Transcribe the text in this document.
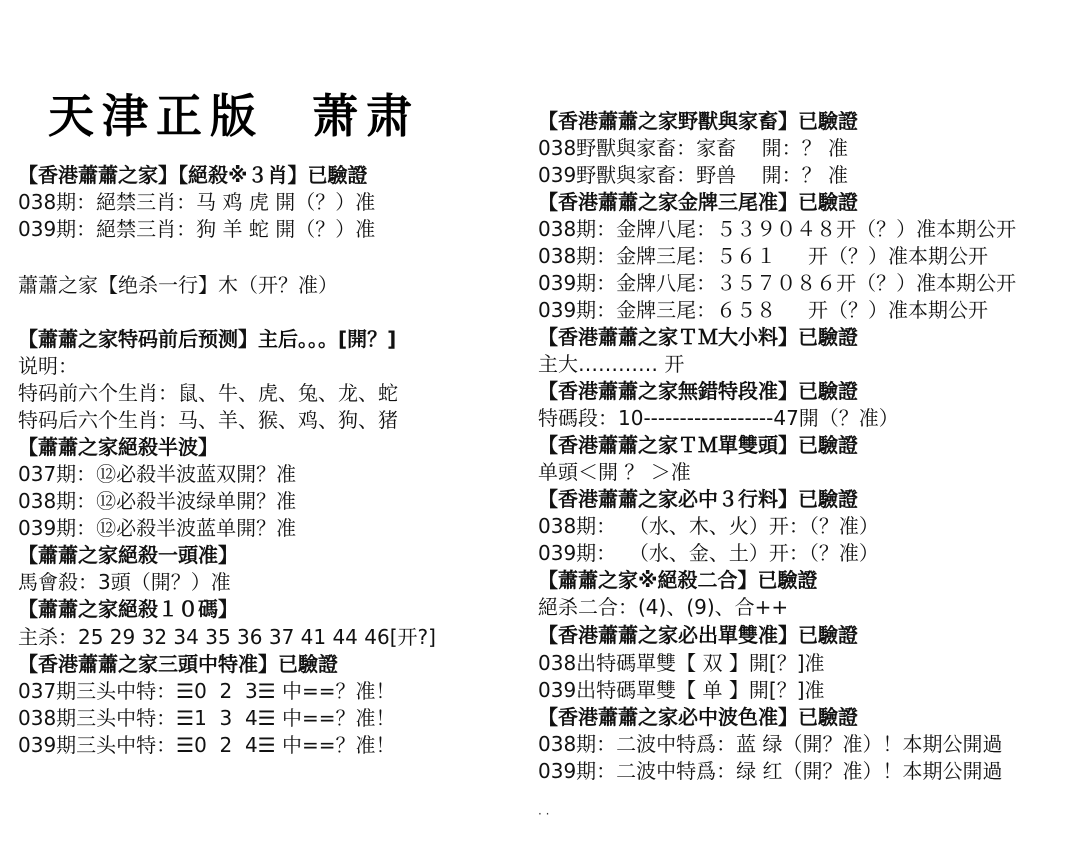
天津正版  萧肃
【香港蕭蕭之家】【絕殺※３肖】已驗證
038期：絕禁三肖：马 鸡 虎 開（？）准
039期：絕禁三肖：狗 羊 蛇 開（？）准
蕭蕭之家【绝杀一行】木（开？准）
【蕭蕭之家特码前后预测】主后。。。[開？]
说明：
特码前六个生肖：鼠、牛、虎、兔、龙、蛇
特码后六个生肖：马、羊、猴、鸡、狗、猪
【蕭蕭之家絕殺半波】
037期：⑫必殺半波蓝双開？准
038期：⑫必殺半波绿单開？准
039期：⑫必殺半波蓝单開？准
【蕭蕭之家絕殺一頭准】
馬會殺：3頭（開？）准
【蕭蕭之家絕殺１０碼】
主杀：25 29 32 34 35 36 37 41 44 46[开?]
【香港蕭蕭之家三頭中特准】已驗證
037期三头中特：☰0  2  3☰ 中==？准！
038期三头中特：☰1  3  4☰ 中==？准！
039期三头中特：☰0  2  4☰ 中==？准！
【香港蕭蕭之家野獸與家畜】已驗證
038野獸與家畜：家畜    開：？ 准
039野獸與家畜：野兽    開：？ 准
【香港蕭蕭之家金牌三尾准】已驗證
038期：金牌八尾：５３９０４８开（？）准本期公开
038期：金牌三尾：５６１     开（？）准本期公开
039期：金牌八尾：３５７０８６开（？）准本期公开
039期：金牌三尾：６５８     开（？）准本期公开
【香港蕭蕭之家ＴＭ大小料】已驗證
主大………… 开
【香港蕭蕭之家無錯特段准】已驗證
特碼段：10------------------47開（？准）
【香港蕭蕭之家ＴＭ單雙頭】已驗證
单頭＜開 ？ ＞准
【香港蕭蕭之家必中３行料】已驗證
038期：  （水、木、火）开：（？准）
039期：  （水、金、土）开：（？准）
【蕭蕭之家※絕殺二合】已驗證
絕杀二合：(4)、(9)、合++
【香港蕭蕭之家必出單雙准】已驗證
038出特碼單雙【 双 】開[？]准
039出特碼單雙【 单 】開[？]准
【香港蕭蕭之家必中波色准】已驗證
038期：二波中特爲：蓝 绿（開？准）！本期公開過
039期：二波中特爲：绿 红（開？准）！本期公開過
· ·
